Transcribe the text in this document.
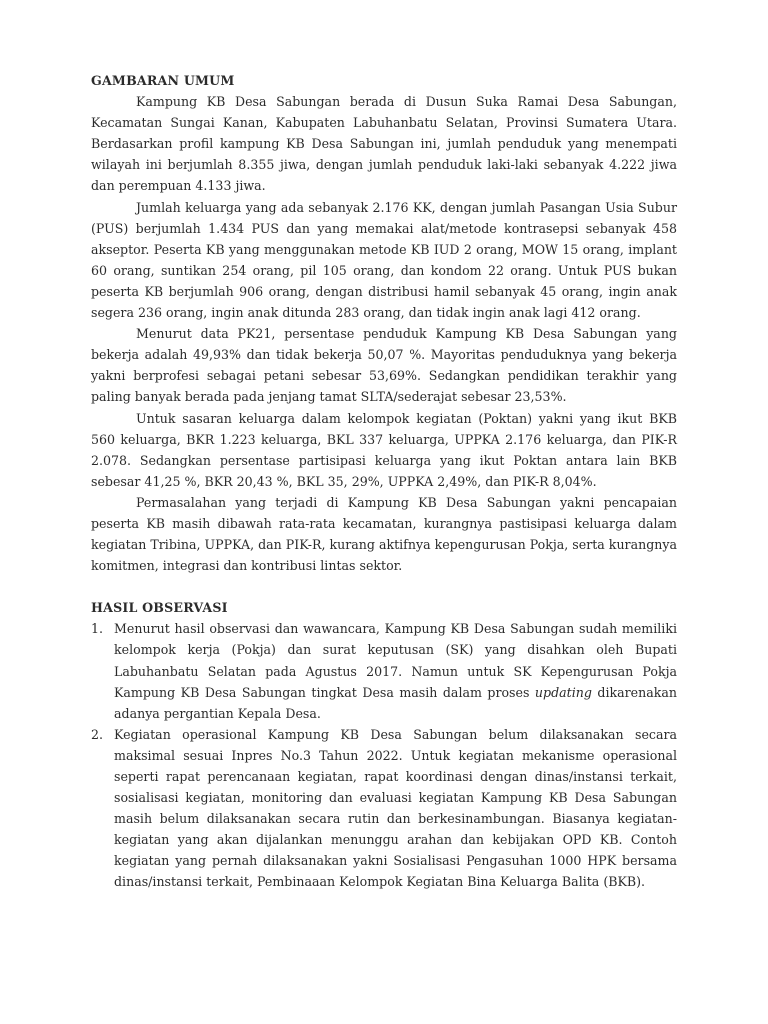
GAMBARAN UMUM

Kampung KB Desa Sabungan berada di Dusun Suka Ramai Desa Sabungan, Kecamatan Sungai Kanan, Kabupaten Labuhanbatu Selatan, Provinsi Sumatera Utara. Berdasarkan profil kampung KB Desa Sabungan ini, jumlah penduduk yang menempati wilayah ini berjumlah 8.355 jiwa, dengan jumlah penduduk laki-laki sebanyak 4.222 jiwa dan perempuan 4.133 jiwa.

Jumlah keluarga yang ada sebanyak 2.176 KK, dengan jumlah Pasangan Usia Subur (PUS) berjumlah 1.434 PUS dan yang memakai alat/metode kontrasepsi sebanyak 458 akseptor. Peserta KB yang menggunakan metode KB IUD 2 orang, MOW 15 orang, implant 60 orang, suntikan 254 orang, pil 105 orang, dan kondom 22 orang. Untuk PUS bukan peserta KB berjumlah 906 orang, dengan distribusi hamil sebanyak 45 orang, ingin anak segera 236 orang, ingin anak ditunda 283 orang, dan tidak ingin anak lagi 412 orang.

Menurut data PK21, persentase penduduk Kampung KB Desa Sabungan yang bekerja adalah 49,93% dan tidak bekerja 50,07 %. Mayoritas penduduknya yang bekerja yakni berprofesi sebagai petani sebesar 53,69%. Sedangkan pendidikan terakhir yang paling banyak berada pada jenjang tamat SLTA/sederajat sebesar 23,53%.

Untuk sasaran keluarga dalam kelompok kegiatan (Poktan) yakni yang ikut BKB 560 keluarga, BKR 1.223 keluarga, BKL 337 keluarga, UPPKA 2.176 keluarga, dan PIK-R 2.078. Sedangkan persentase partisipasi keluarga yang ikut Poktan antara lain BKB sebesar 41,25 %, BKR 20,43 %, BKL 35, 29%, UPPKA 2,49%, dan PIK-R 8,04%.

Permasalahan yang terjadi di Kampung KB Desa Sabungan yakni pencapaian peserta KB masih dibawah rata-rata kecamatan, kurangnya pastisipasi keluarga dalam kegiatan Tribina, UPPKA, dan PIK-R, kurang aktifnya kepengurusan Pokja, serta kurangnya komitmen, integrasi dan kontribusi lintas sektor.

HASIL OBSERVASI

1. Menurut hasil observasi dan wawancara, Kampung KB Desa Sabungan sudah memiliki kelompok kerja (Pokja) dan surat keputusan (SK) yang disahkan oleh Bupati Labuhanbatu Selatan pada Agustus 2017. Namun untuk SK Kepengurusan Pokja Kampung KB Desa Sabungan tingkat Desa masih dalam proses updating dikarenakan adanya pergantian Kepala Desa.
2. Kegiatan operasional Kampung KB Desa Sabungan belum dilaksanakan secara maksimal sesuai Inpres No.3 Tahun 2022. Untuk kegiatan mekanisme operasional seperti rapat perencanaan kegiatan, rapat koordinasi dengan dinas/instansi terkait, sosialisasi kegiatan, monitoring dan evaluasi kegiatan Kampung KB Desa Sabungan masih belum dilaksanakan secara rutin dan berkesinambungan. Biasanya kegiatan-kegiatan yang akan dijalankan menunggu arahan dan kebijakan OPD KB. Contoh kegiatan yang pernah dilaksanakan yakni Sosialisasi Pengasuhan 1000 HPK bersama dinas/instansi terkait, Pembinaaan Kelompok Kegiatan Bina Keluarga Balita (BKB).
